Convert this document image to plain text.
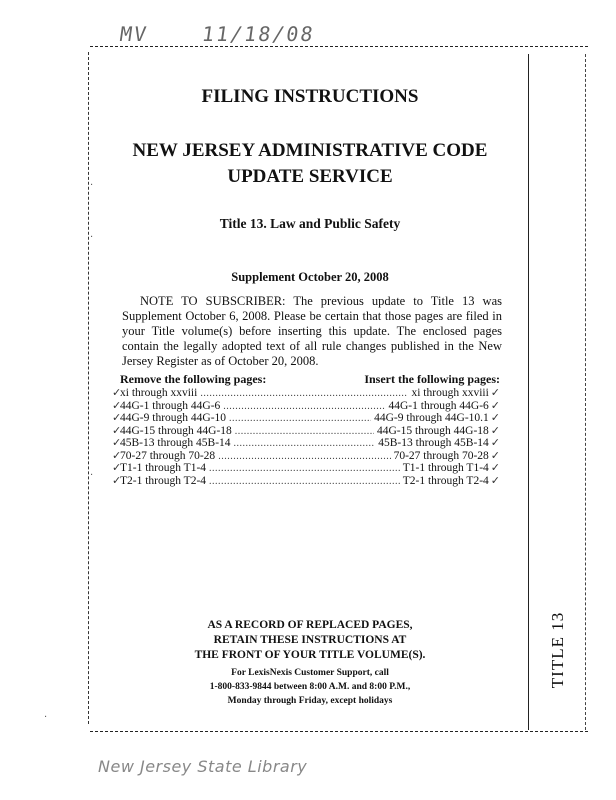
MV	11/18/08
·
·
·
·
FILING INSTRUCTIONS
NEW JERSEY ADMINISTRATIVE CODE
UPDATE SERVICE
Title 13. Law and Public Safety
Supplement October 20, 2008

NOTE TO SUBSCRIBER: The previous update to Title 13 was Supplement October 6, 2008. Please be certain that those pages are filed in your Title volume(s) before inserting this update. The enclosed pages contain the legally adopted text of all rule changes published in the New Jersey Register as of October 20, 2008.

Remove the following pages:	Insert the following pages:
✓
xi through xxviii .....	xi through xxviii ✓
✓
44G-1 through 44G-6 .....	44G-1 through 44G-6 ✓
✓
44G-9 through 44G-10 .....	44G-9 through 44G-10.1 ✓
✓
44G-15 through 44G-18 .....	44G-15 through 44G-18 ✓
✓
45B-13 through 45B-14 .....	45B-13 through 45B-14 ✓
✓
70-27 through 70-28 .....	70-27 through 70-28 ✓
✓
T1-1 through T1-4 .....	T1-1 through T1-4 ✓
✓
T2-1 through T2-4 .....	T2-1 through T2-4 ✓
AS A RECORD OF REPLACED PAGES,
RETAIN THESE INSTRUCTIONS AT
THE FRONT OF YOUR TITLE VOLUME(S).
For LexisNexis Customer Support, call
1-800-833-9844 between 8:00 A.M. and 8:00 P.M.,
Monday through Friday, except holidays
TITLE 13
New Jersey State Library
